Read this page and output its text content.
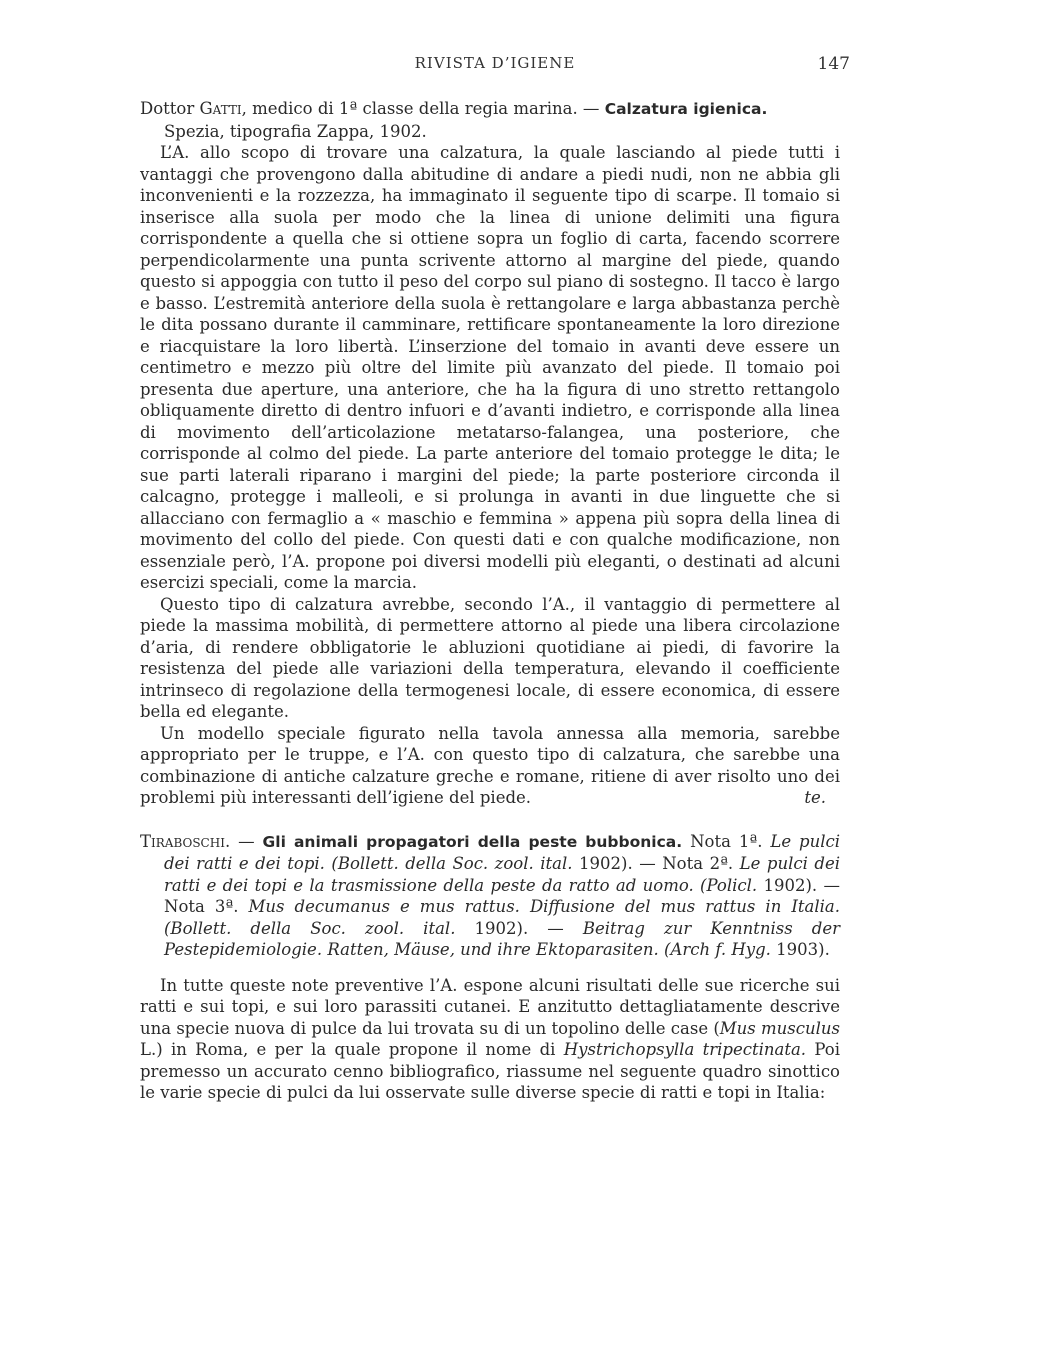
RIVISTA D’IGIENE	147

Dottor Gatti, medico di 1ª classe della regia marina. — Calzatura igienica.
Spezia, tipografia Zappa, 1902.

L’A. allo scopo di trovare una calzatura, la quale lasciando al piede tutti i vantaggi che provengono dalla abitudine di andare a piedi nudi, non ne abbia gli inconvenienti e la rozzezza, ha immaginato il seguente tipo di scarpe. Il tomaio si inserisce alla suola per modo che la linea di unione delimiti una figura corrispondente a quella che si ottiene sopra un foglio di carta, facendo scorrere perpendicolarmente una punta scrivente attorno al margine del piede, quando questo si appoggia con tutto il peso del corpo sul piano di sostegno. Il tacco è largo e basso. L’estremità anteriore della suola è rettangolare e larga abbastanza perchè le dita possano durante il camminare, rettificare spontaneamente la loro direzione e riacquistare la loro libertà. L’inserzione del tomaio in avanti deve essere un centimetro e mezzo più oltre del limite più avanzato del piede. Il tomaio poi presenta due aperture, una anteriore, che ha la figura di uno stretto rettangolo obliquamente diretto di dentro infuori e d’avanti indietro, e corrisponde alla linea di movimento dell’articolazione metatarso-falangea, una posteriore, che corrisponde al colmo del piede. La parte anteriore del tomaio protegge le dita; le sue parti laterali riparano i margini del piede; la parte posteriore circonda il calcagno, protegge i malleoli, e si prolunga in avanti in due linguette che si allacciano con fermaglio a « maschio e femmina » appena più sopra della linea di movimento del collo del piede. Con questi dati e con qualche modificazione, non essenziale però, l’A. propone poi diversi modelli più eleganti, o destinati ad alcuni esercizi speciali, come la marcia.

Questo tipo di calzatura avrebbe, secondo l’A., il vantaggio di permettere al piede la massima mobilità, di permettere attorno al piede una libera circolazione d’aria, di rendere obbligatorie le abluzioni quotidiane ai piedi, di favorire la resistenza del piede alle variazioni della temperatura, elevando il coefficiente intrinseco di regolazione della termogenesi locale, di essere economica, di essere bella ed elegante.

Un modello speciale figurato nella tavola annessa alla memoria, sarebbe appropriato per le truppe, e l’A. con questo tipo di calzatura, che sarebbe una combinazione di antiche calzature greche e romane, ritiene di aver risolto uno dei problemi più interessanti dell’igiene del piede.	te.

Tiraboschi. — Gli animali propagatori della peste bubbonica. Nota 1ª. Le pulci dei ratti e dei topi. (Bollett. della Soc. zool. ital. 1902). — Nota 2ª. Le pulci dei ratti e dei topi e la trasmissione della peste da ratto ad uomo. (Policl. 1902). — Nota 3ª. Mus decumanus e mus rattus. Diffusione del mus rattus in Italia. (Bollett. della Soc. zool. ital. 1902). — Beitrag zur Kenntniss der Pestepidemiologie. Ratten, Mäuse, und ihre Ektoparasiten. (Arch f. Hyg. 1903).

In tutte queste note preventive l’A. espone alcuni risultati delle sue ricerche sui ratti e sui topi, e sui loro parassiti cutanei. E anzitutto dettagliatamente descrive una specie nuova di pulce da lui trovata su di un topolino delle case (Mus musculus L.) in Roma, e per la quale propone il nome di Hystrichopsylla tripectinata. Poi premesso un accurato cenno bibliografico, riassume nel seguente quadro sinottico le varie specie di pulci da lui osservate sulle diverse specie di ratti e topi in Italia:
